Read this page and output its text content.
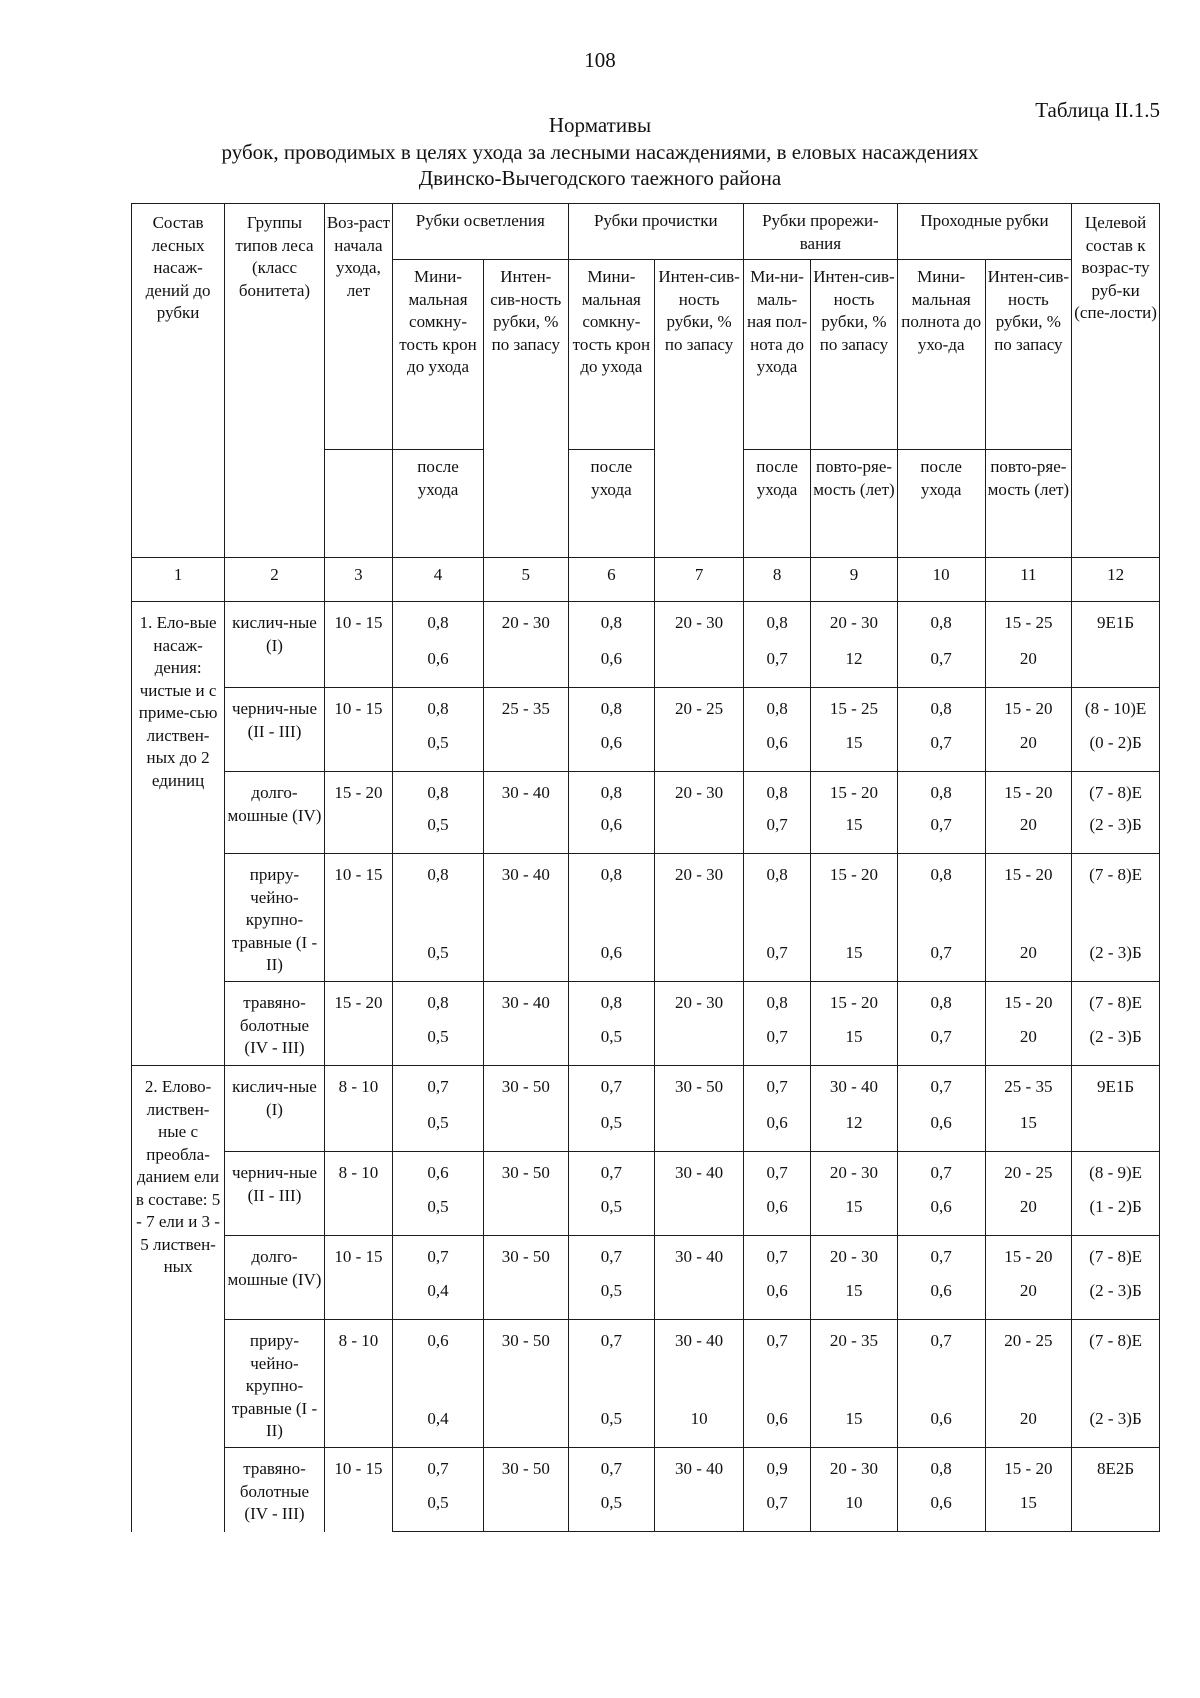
108
Таблица II.1.5
Нормативы
рубок, проводимых в целях ухода за лесными насаждениями, в еловых насаждениях
Двинско-Вычегодского таежного района
Состав лесных насаж-дений до рубки	Группы типов леса (класс бонитета)	Воз-раст начала ухода, лет	Рубки осветления		Рубки прочистки		Рубки прорежи-вания		Проходные рубки		Целевой состав к возрас-ту руб-ки (спе-лости)
			Мини-мальная сомкну-тость крон до ухода	Интен-сив-ность рубки, % по запасу	Мини-мальная сомкну-тость крон до ухода	Интен-сив-ность рубки, % по запасу	Ми-ни-маль-ная пол-нота до ухода	Интен-сив-ность рубки, % по запасу	Мини-мальная полнота до ухо-да	Интен-сив-ность рубки, % по запасу	
			после ухода		после ухода		после ухода	повто-ряе-мость (лет)	после ухода	повто-ряе-мость (лет)	
1	2	3	4	5	6	7	8	9	10	11	12
1. Ело-вые насаж-дения: чистые и с приме-сью листвен-ных до 2 единиц	кислич-ные (I)	10 - 15	0,8	20 - 30	0,8	20 - 30	0,8	20 - 30	0,8	15 - 25	9Е1Б
			0,6		0,6		0,7	12	0,7	20	
	чернич-ные (II - III)	10 - 15	0,8	25 - 35	0,8	20 - 25	0,8	15 - 25	0,8	15 - 20	(8 - 10)Е
			0,5		0,6		0,6	15	0,7	20	(0 - 2)Б
	долго-мошные (IV)	15 - 20	0,8	30 - 40	0,8	20 - 30	0,8	15 - 20	0,8	15 - 20	(7 - 8)Е
			0,5		0,6		0,7	15	0,7	20	(2 - 3)Б
	прирy-чейно-крупно-травные (I - II)	10 - 15	0,8	30 - 40	0,8	20 - 30	0,8	15 - 20	0,8	15 - 20	(7 - 8)Е
			0,5		0,6		0,7	15	0,7	20	(2 - 3)Б
	травяно-болотные (IV - III)	15 - 20	0,8	30 - 40	0,8	20 - 30	0,8	15 - 20	0,8	15 - 20	(7 - 8)Е
			0,5		0,5		0,7	15	0,7	20	(2 - 3)Б
2. Елово-листвен-ные с преобла-данием ели в составе: 5 - 7 ели и 3 - 5 листвен-ных	кислич-ные (I)	8 - 10	0,7	30 - 50	0,7	30 - 50	0,7	30 - 40	0,7	25 - 35	9Е1Б
			0,5		0,5		0,6	12	0,6	15	
	чернич-ные (II - III)	8 - 10	0,6	30 - 50	0,7	30 - 40	0,7	20 - 30	0,7	20 - 25	(8 - 9)Е
			0,5		0,5		0,6	15	0,6	20	(1 - 2)Б
	долго-мошные (IV)	10 - 15	0,7	30 - 50	0,7	30 - 40	0,7	20 - 30	0,7	15 - 20	(7 - 8)Е
			0,4		0,5		0,6	15	0,6	20	(2 - 3)Б
	приру-чейно-крупно-травные (I - II)	8 - 10	0,6	30 - 50	0,7	30 - 40	0,7	20 - 35	0,7	20 - 25	(7 - 8)Е
			0,4		0,5	10	0,6	15	0,6	20	(2 - 3)Б
	травяно-болотные (IV - III)	10 - 15	0,7	30 - 50	0,7	30 - 40	0,9	20 - 30	0,8	15 - 20	8Е2Б
			0,5		0,5		0,7	10	0,6	15	
